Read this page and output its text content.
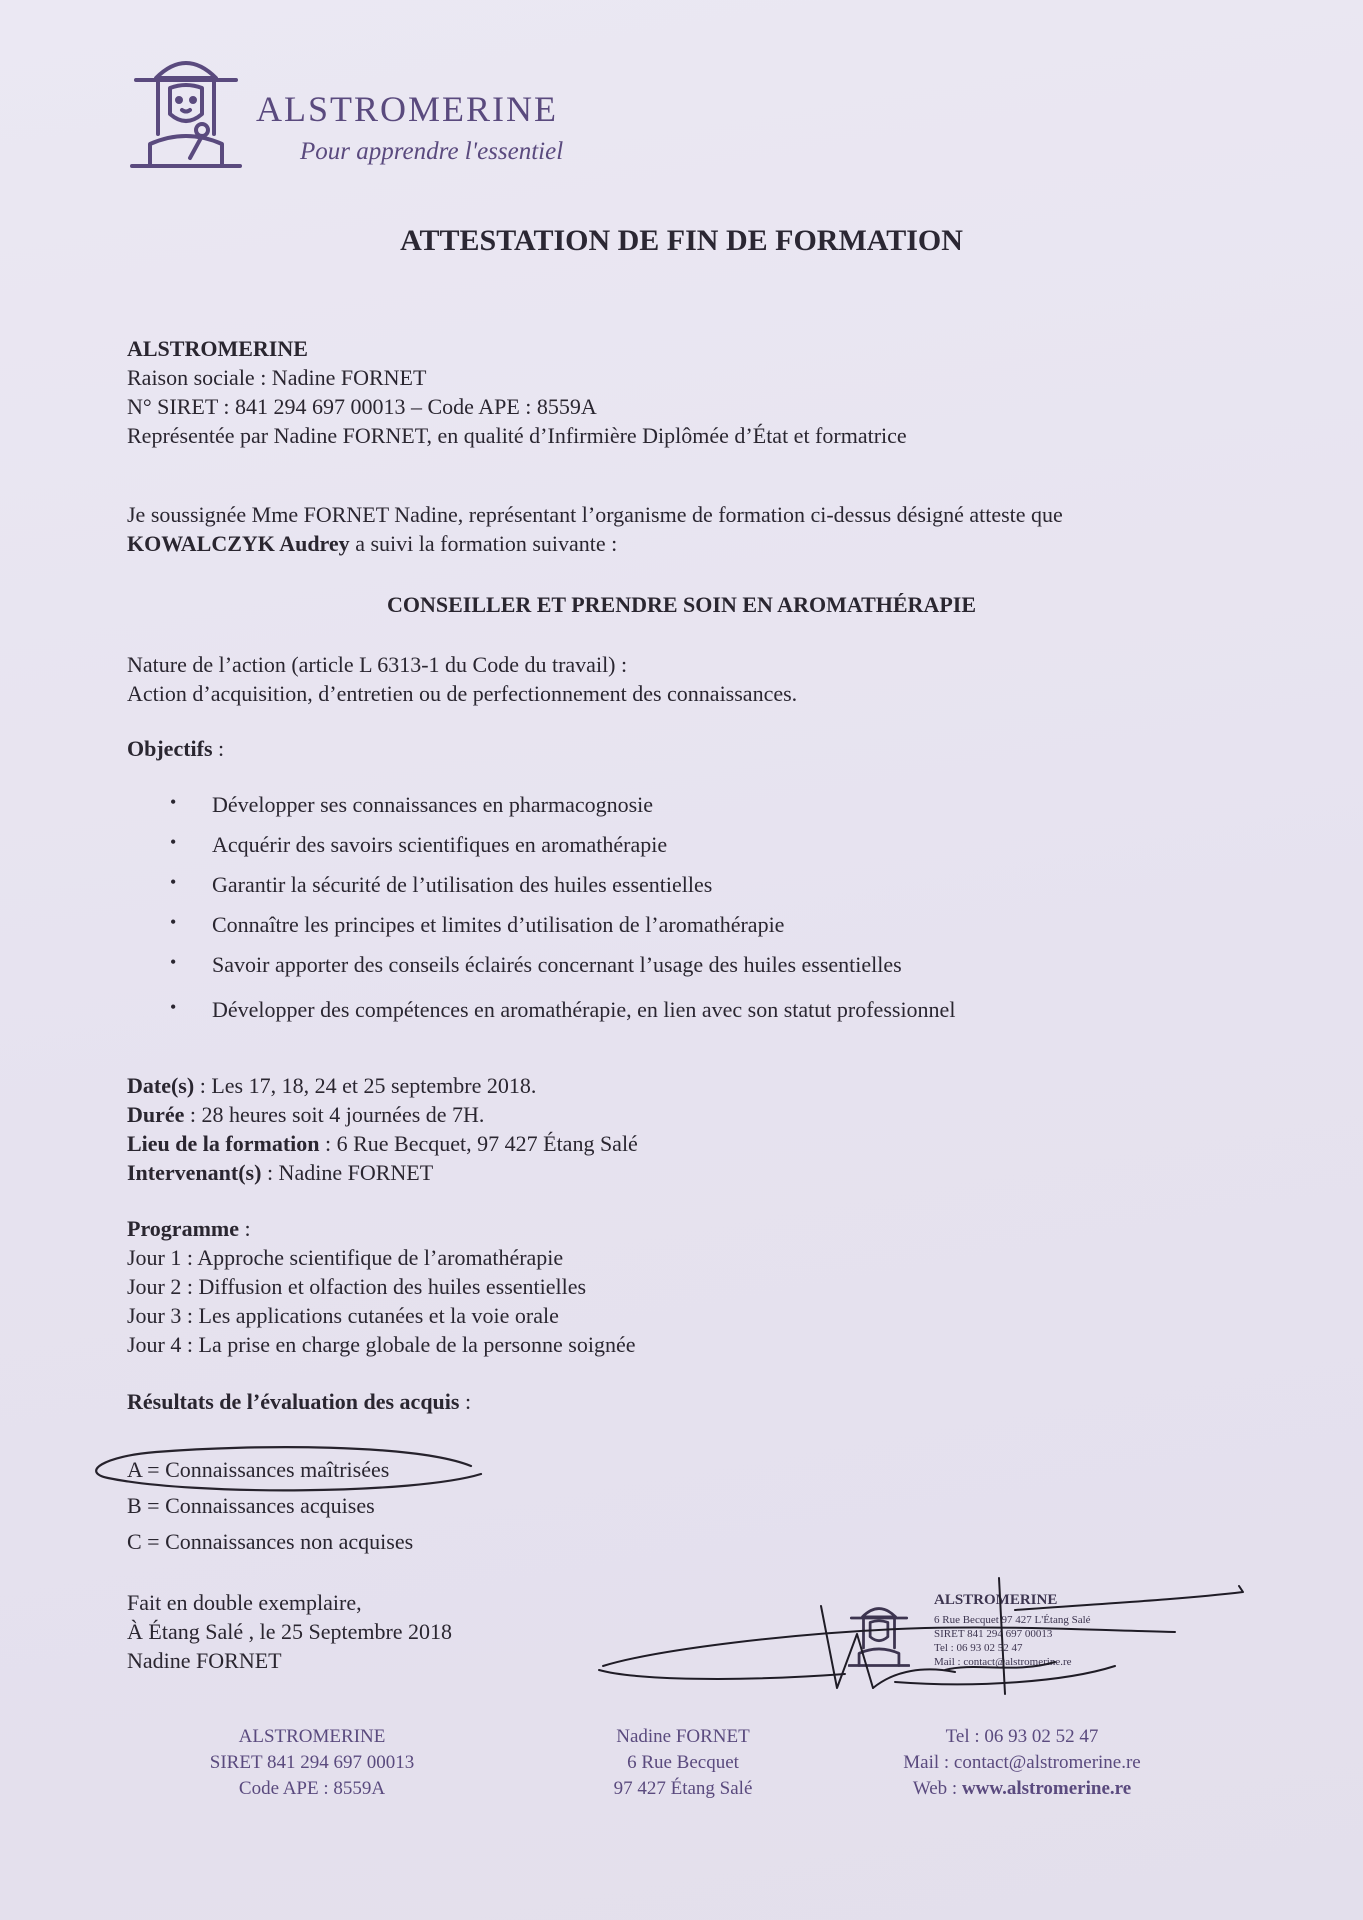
ALSTROMERINE
Pour apprendre l'essentiel
ATTESTATION DE FIN DE FORMATION
ALSTROMERINE
Raison sociale : Nadine FORNET
N° SIRET : 841 294 697 00013 – Code APE : 8559A
Représentée par Nadine FORNET, en qualité d’Infirmière Diplômée d’État et formatrice
Je soussignée Mme FORNET Nadine, représentant l’organisme de formation ci-dessus désigné atteste que
KOWALCZYK Audrey a suivi la formation suivante :
CONSEILLER ET PRENDRE SOIN EN AROMATHÉRAPIE
Nature de l’action (article L 6313-1 du Code du travail) :
Action d’acquisition, d’entretien ou de perfectionnement des connaissances.
Objectifs :
• Développer ses connaissances en pharmacognosie
• Acquérir des savoirs scientifiques en aromathérapie
• Garantir la sécurité de l’utilisation des huiles essentielles
• Connaître les principes et limites d’utilisation de l’aromathérapie
• Savoir apporter des conseils éclairés concernant l’usage des huiles essentielles
• Développer des compétences en aromathérapie, en lien avec son statut professionnel
Date(s) : Les 17, 18, 24 et 25 septembre 2018.
Durée : 28 heures soit 4 journées de 7H.
Lieu de la formation : 6 Rue Becquet, 97 427 Étang Salé
Intervenant(s) : Nadine FORNET
Programme :
Jour 1 : Approche scientifique de l’aromathérapie
Jour 2 : Diffusion et olfaction des huiles essentielles
Jour 3 : Les applications cutanées et la voie orale
Jour 4 : La prise en charge globale de la personne soignée
Résultats de l’évaluation des acquis :
A = Connaissances maîtrisées
B = Connaissances acquises
C = Connaissances non acquises
Fait en double exemplaire,
À Étang Salé , le 25 Septembre 2018
Nadine FORNET
ALSTROMERINE
6 Rue Becquet 97 427 L'Étang Salé
SIRET 841 294 697 00013
Tel : 06 93 02 52 47
Mail : contact@alstromerine.re
ALSTROMERINE
SIRET 841 294 697 00013
Code APE : 8559A
Nadine FORNET
6 Rue Becquet
97 427 Étang Salé
Tel : 06 93 02 52 47
Mail : contact@alstromerine.re
Web : www.alstromerine.re
